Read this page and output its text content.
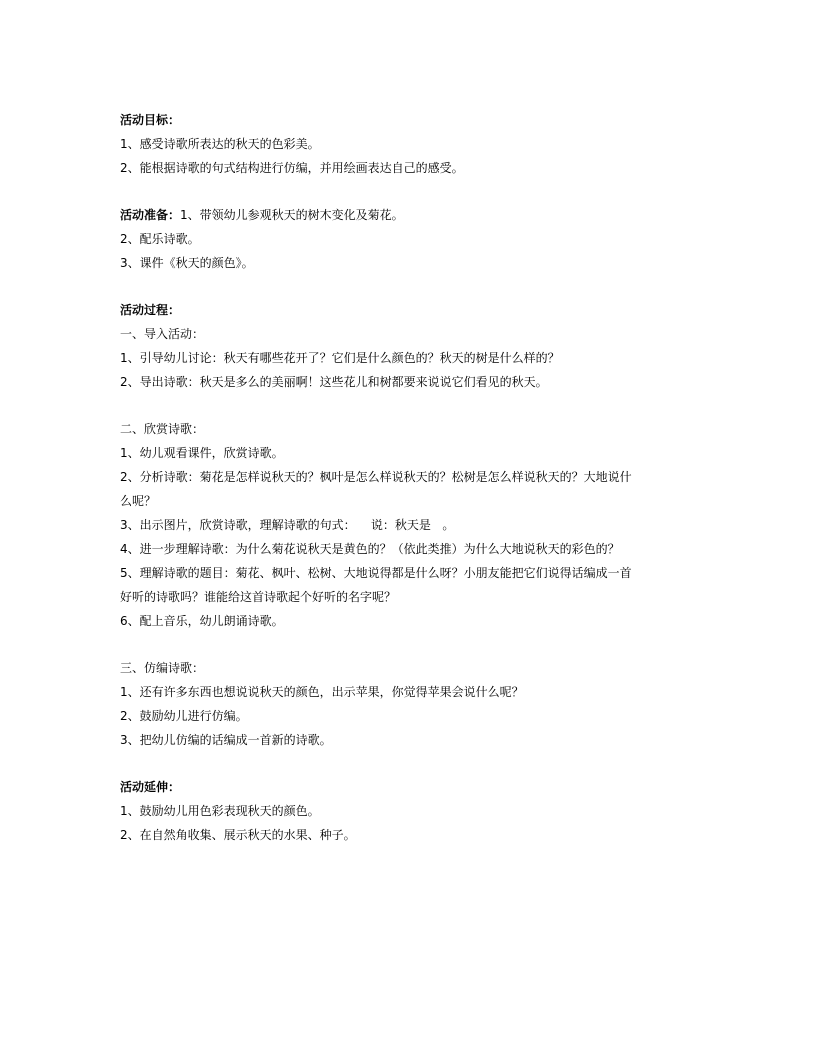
活动目标：
1、感受诗歌所表达的秋天的色彩美。
2、能根据诗歌的句式结构进行仿编，并用绘画表达自己的感受。
活动准备：1、带领幼儿参观秋天的树木变化及菊花。
2、配乐诗歌。
3、课件《秋天的颜色》。
活动过程：
一、导入活动：
1、引导幼儿讨论：秋天有哪些花开了？它们是什么颜色的？秋天的树是什么样的？
2、导出诗歌：秋天是多么的美丽啊！这些花儿和树都要来说说它们看见的秋天。
二、欣赏诗歌：
1、幼儿观看课件，欣赏诗歌。
2、分析诗歌：菊花是怎样说秋天的？枫叶是怎么样说秋天的？松树是怎么样说秋天的？大地说什
么呢？
3、出示图片，欣赏诗歌，理解诗歌的句式：    说：秋天是   。
4、进一步理解诗歌：为什么菊花说秋天是黄色的？（依此类推）为什么大地说秋天的彩色的？
5、理解诗歌的题目：菊花、枫叶、松树、大地说得都是什么呀？小朋友能把它们说得话编成一首
好听的诗歌吗？谁能给这首诗歌起个好听的名字呢？
6、配上音乐，幼儿朗诵诗歌。
三、仿编诗歌：
1、还有许多东西也想说说秋天的颜色，出示苹果，你觉得苹果会说什么呢？
2、鼓励幼儿进行仿编。
3、把幼儿仿编的话编成一首新的诗歌。
活动延伸：
1、鼓励幼儿用色彩表现秋天的颜色。
2、在自然角收集、展示秋天的水果、种子。
